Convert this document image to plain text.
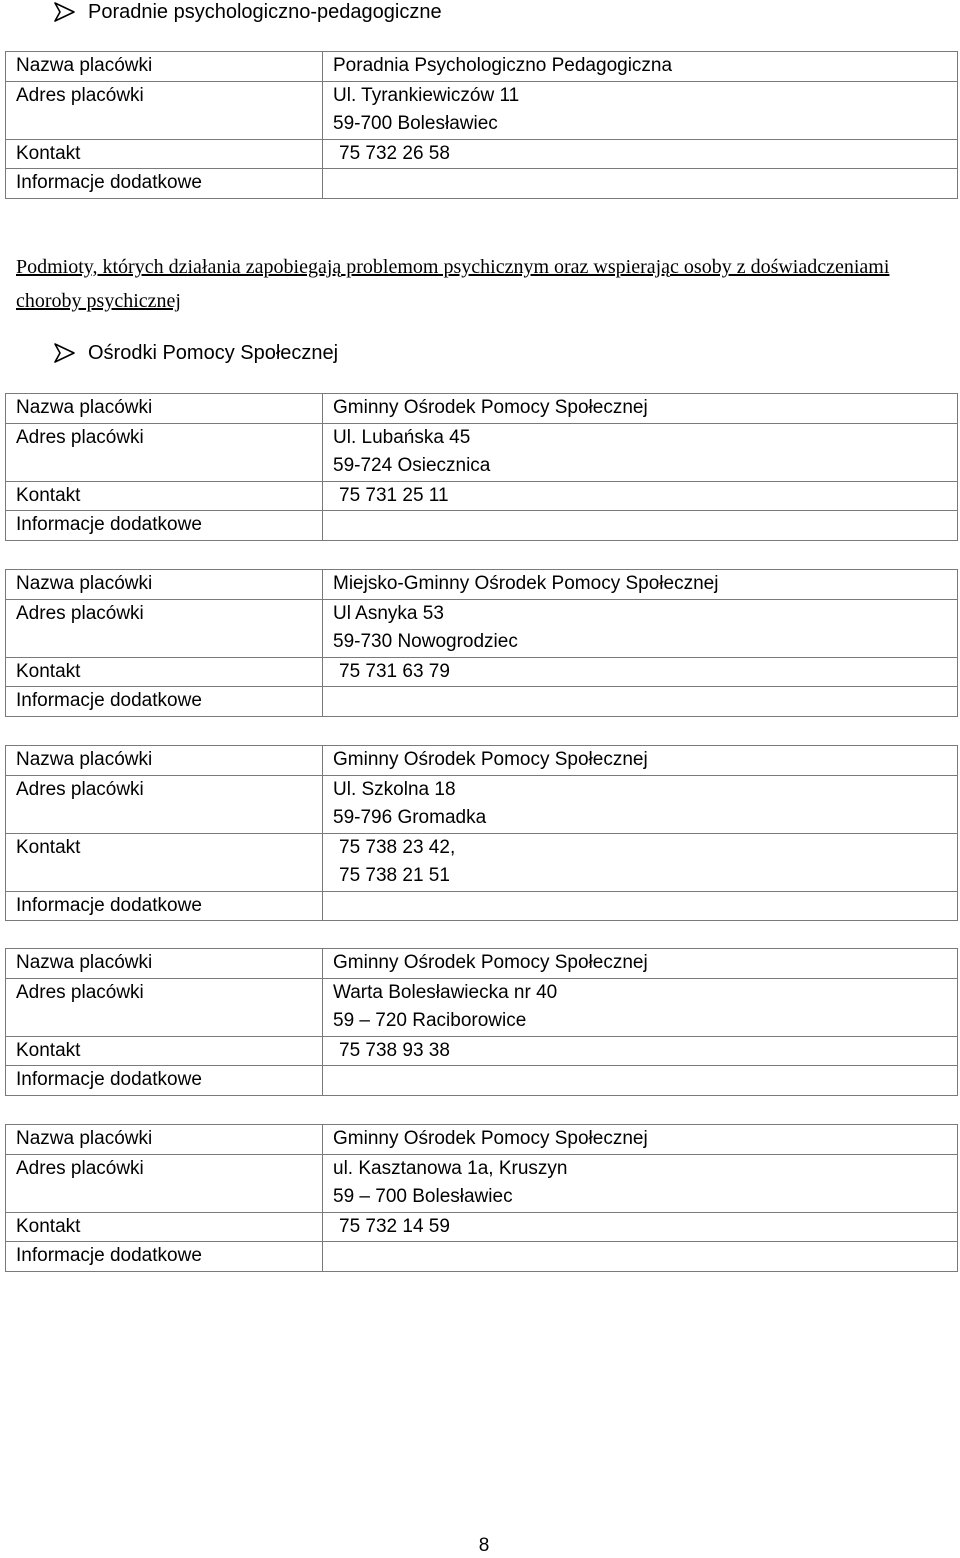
Poradnie psychologiczno-pedagogiczne
Nazwa placówki	Poradnia Psychologiczno Pedagogiczna
Adres placówki	Ul. Tyrankiewiczów 11
59-700 Bolesławiec

Kontakt	75 732 26 58

Informacje dodatkowe	
Podmioty, których działania zapobiegają problemom psychicznym oraz wspierając osoby z doświadczeniami choroby psychicznej
Ośrodki Pomocy Społecznej
Nazwa placówki	Gminny Ośrodek Pomocy Społecznej
Adres placówki	Ul. Lubańska 45
59-724 Osiecznica

Kontakt	75 731 25 11

Informacje dodatkowe	
Nazwa placówki	Miejsko-Gminny Ośrodek Pomocy Społecznej
Adres placówki	Ul Asnyka 53
59-730 Nowogrodziec

Kontakt	75 731 63 79

Informacje dodatkowe	
Nazwa placówki	Gminny Ośrodek Pomocy Społecznej
Adres placówki	Ul. Szkolna 18
59-796 Gromadka

Kontakt	75 738 23 42,
75 738 21 51

Informacje dodatkowe	
Nazwa placówki	Gminny Ośrodek Pomocy Społecznej
Adres placówki	Warta Bolesławiecka nr 40
59 – 720 Raciborowice

Kontakt	75 738 93 38

Informacje dodatkowe	
Nazwa placówki	Gminny Ośrodek Pomocy Społecznej
Adres placówki	ul. Kasztanowa 1a, Kruszyn
59 – 700 Bolesławiec

Kontakt	75 732 14 59

Informacje dodatkowe	
8
